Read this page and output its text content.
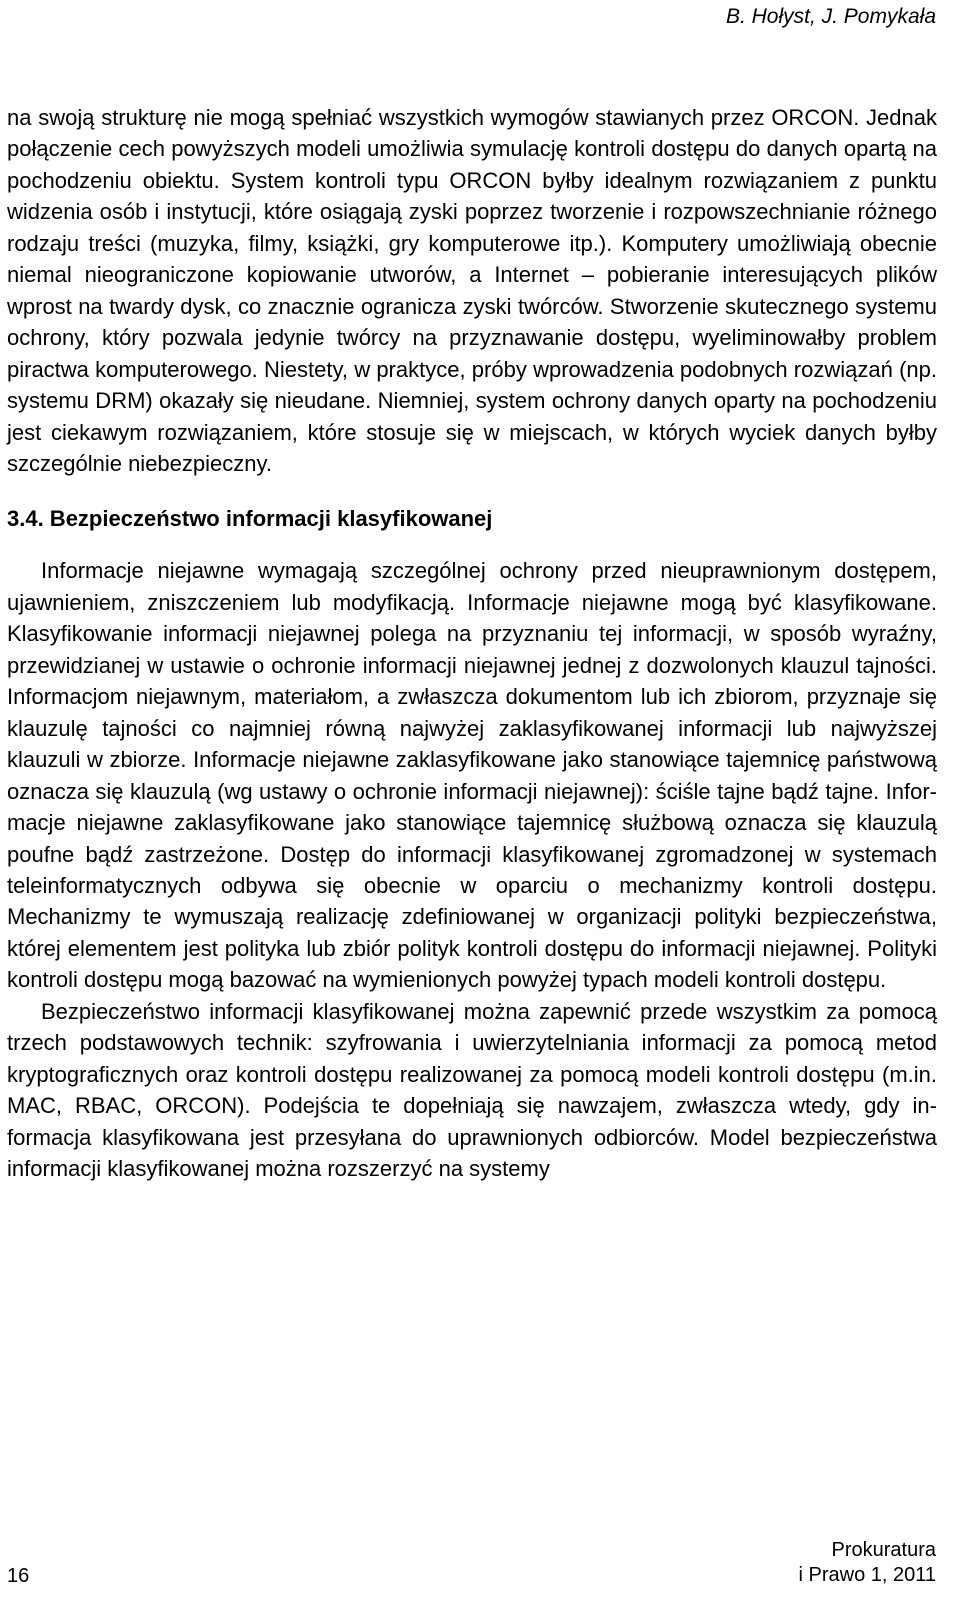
B. Hołyst, J. Pomykała

na swoją strukturę nie mogą spełniać wszystkich wymogów stawianych przez ORCON. Jednak połączenie cech powyższych modeli umożliwia symulację kontroli dostępu do danych opartą na pochodzeniu obiektu. System kontroli typu ORCON byłby idealnym rozwiązaniem z punktu widzenia osób i instytucji, które osiągają zyski poprzez tworzenie i rozpowszechnianie różnego rodzaju treści (muzyka, filmy, książki, gry komputerowe itp.). Komputery umożliwiają obecnie niemal nieograniczone kopiowanie utworów, a Internet – pobieranie interesujących plików wprost na twardy dysk, co znacznie ogranicza zyski twórców. Stworzenie skutecznego systemu ochrony, który pozwala jedynie twórcy na przyznawanie dostępu, wyeliminowałby problem piractwa komputerowego. Niestety, w praktyce, próby wprowadzenia podobnych rozwiązań (np. systemu DRM) okazały się nieudane. Niemniej, system ochrony danych oparty na pochodzeniu jest ciekawym rozwiązaniem, które stosuje się w miejscach, w których wyciek danych byłby szczególnie niebezpieczny.

3.4. Bezpieczeństwo informacji klasyfikowanej

Informacje niejawne wymagają szczególnej ochrony przed nieuprawnionym dostępem, ujawnieniem, zniszczeniem lub modyfikacją. Informacje niejawne mogą być klasyfikowane. Klasyfikowanie informacji niejawnej polega na przyznaniu tej informacji, w sposób wyraźny, przewidzianej w ustawie o ochronie informacji niejawnej jednej z dozwolonych klauzul tajności. Informacjom niejawnym, materiałom, a zwłaszcza dokumentom lub ich zbiorom, przyznaje się klauzulę tajności co najmniej równą najwyżej zaklasyfikowanej informacji lub najwyższej klauzuli w zbiorze. Informacje niejawne zaklasyfikowane jako stanowiące tajemnicę państwową oznacza się klauzulą (wg ustawy o ochronie informacji niejawnej): ściśle tajne bądź tajne. Informacje niejawne zaklasyfikowane jako stanowiące tajemnicę służbową oznacza się klauzulą poufne bądź zastrzeżone. Dostęp do informacji klasyfikowanej zgromadzonej w systemach teleinformatycznych odbywa się obecnie w oparciu o mechanizmy kontroli dostępu. Mechanizmy te wymuszają realizację zdefiniowanej w organizacji polityki bezpieczeństwa, której elementem jest polityka lub zbiór polityk kontroli dostępu do informacji niejawnej. Polityki kontroli dostępu mogą bazować na wymienionych powyżej typach modeli kontroli dostępu.

Bezpieczeństwo informacji klasyfikowanej można zapewnić przede wszystkim za pomocą trzech podstawowych technik: szyfrowania i uwierzytelniania informacji za pomocą metod kryptograficznych oraz kontroli dostępu realizowanej za pomocą modeli kontroli dostępu (m.in. MAC, RBAC, ORCON). Podejścia te dopełniają się nawzajem, zwłaszcza wtedy, gdy informacja klasyfikowana jest przesyłana do uprawnionych odbiorców. Model bezpieczeństwa informacji klasyfikowanej można rozszerzyć na systemy

16
Prokuratura
i Prawo 1, 2011
